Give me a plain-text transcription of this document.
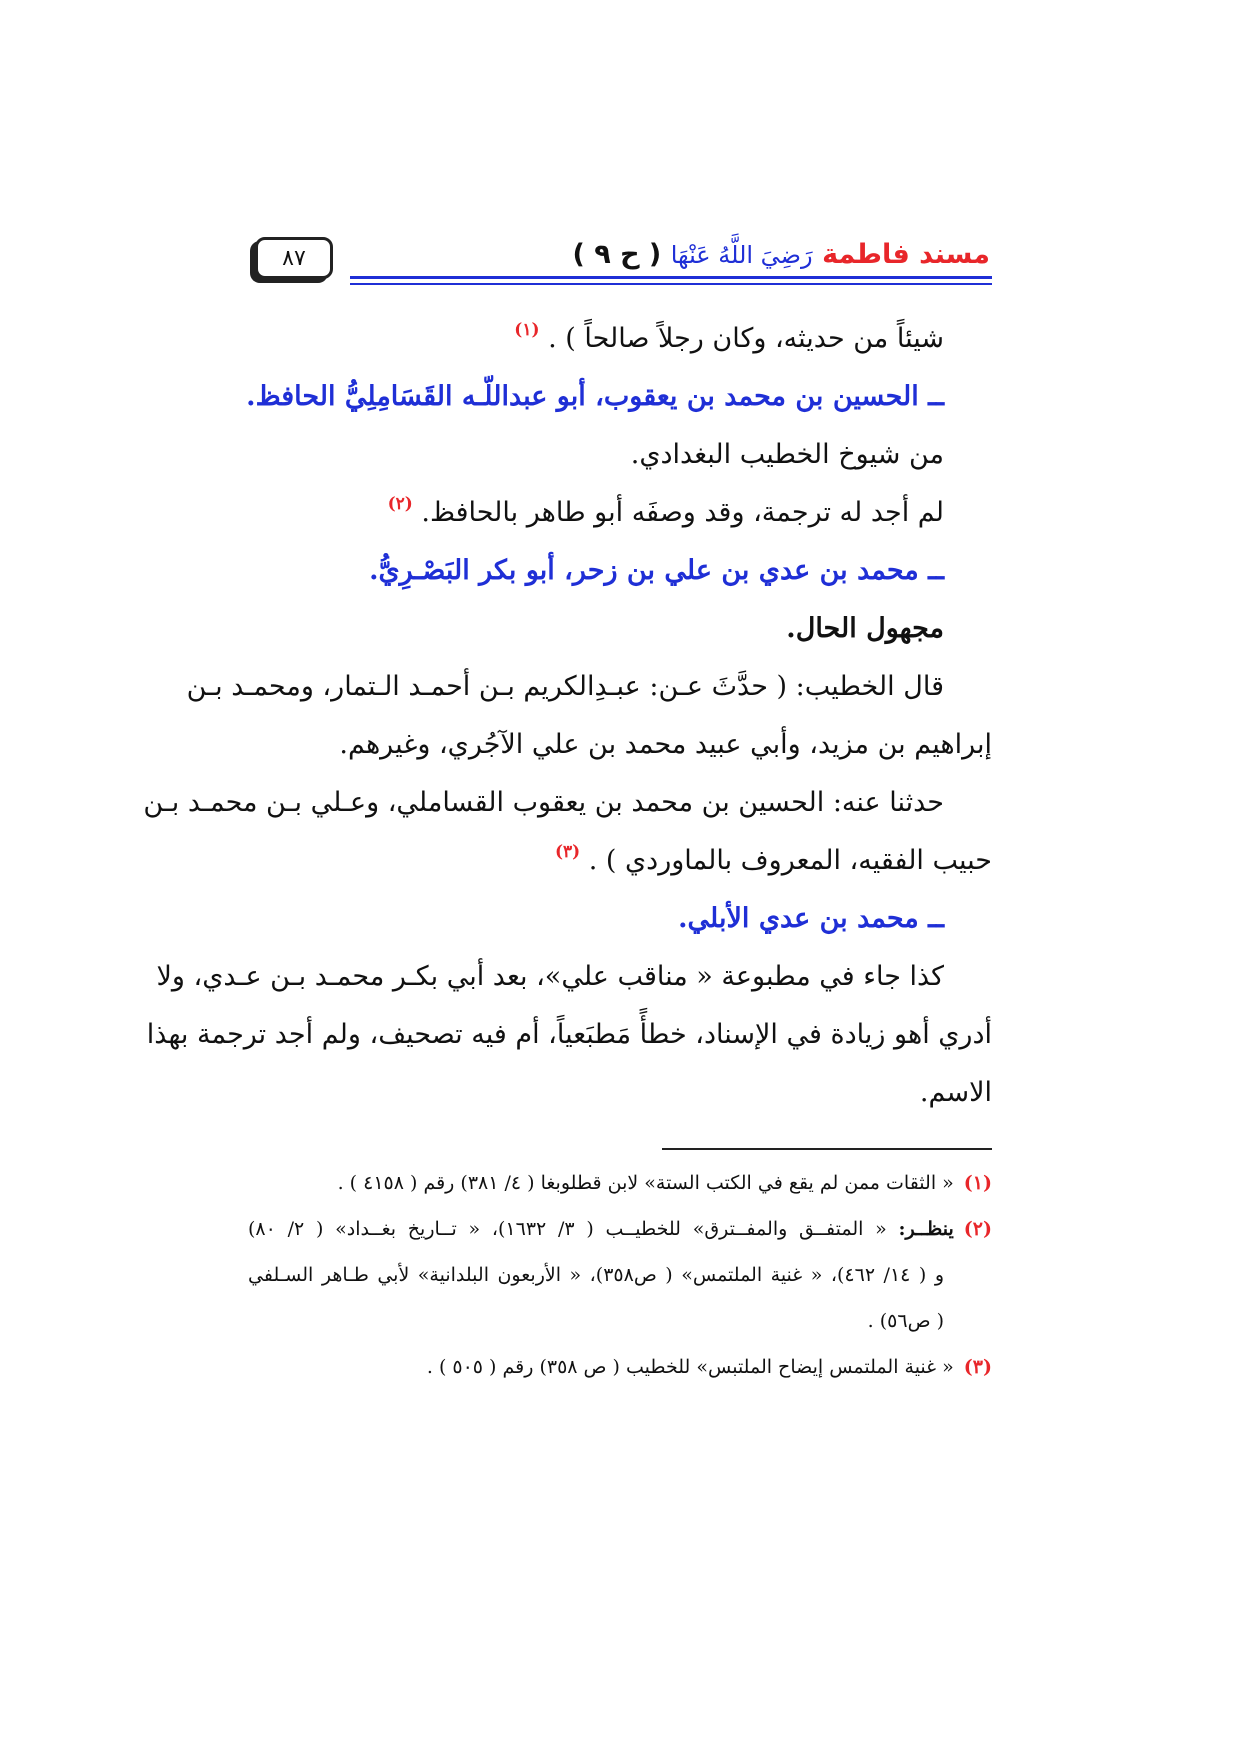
مسند فاطمة رَضِيَ اللَّهُ عَنْهَا ( ح ٩ )
٨٧
شيئاً من حديثه، وكان رجلاً صالحاً ) . $^{(١)}$
ــ الحسين بن محمد بن يعقوب، أبو عبداللّـه القَسَامِلِيُّ الحافظ.
من شيوخ الخطيب البغدادي.
لم أجد له ترجمة، وقد وصفَه أبو طاهر بالحافظ. $^{(٢)}$
ــ محمد بن عدي بن علي بن زحر، أبو بكر البَصْـرِيُّ.
مجهول الحال.
قال الخطيب: ( حدَّثَ عـن: عبـدِالكريم بـن أحمـد الـتمار، ومحمـد بـن
إبراهيم بن مزيد، وأبي عبيد محمد بن علي الآجُري، وغيرهم.
حدثنا عنه: الحسين بن محمد بن يعقوب القساملي، وعـلي بـن محمـد بـن
حبيب الفقيه، المعروف بالماوردي ) . $^{(٣)}$
ــ محمد بن عدي الأبلي.
كذا جاء في مطبوعة « مناقب علي»، بعد أبي بكـر محمـد بـن عـدي، ولا
أدري أهو زيادة في الإسناد، خطأً مَطبَعياً، أم فيه تصحيف، ولم أجد ترجمة بهذا
الاسم.
(١)« الثقات ممن لم يقع في الكتب الستة» لابن قطلوبغا ( ٤/ ٣٨١) رقم ( ٤١٥٨ ) .
(٢)ينظــر: « المتفــق والمفــترق» للخطيــب ( ٣/ ١٦٣٢)، « تــاريخ بغــداد» ( ٢/ ٨٠)
و ( ١٤/ ٤٦٢)، « غنية الملتمس» ( ص٣٥٨)، « الأربعون البلدانية» لأبي طـاهر السـلفي
( ص٥٦) .
(٣)« غنية الملتمس إيضاح الملتبس» للخطيب ( ص ٣٥٨) رقم ( ٥٠٥ ) .
